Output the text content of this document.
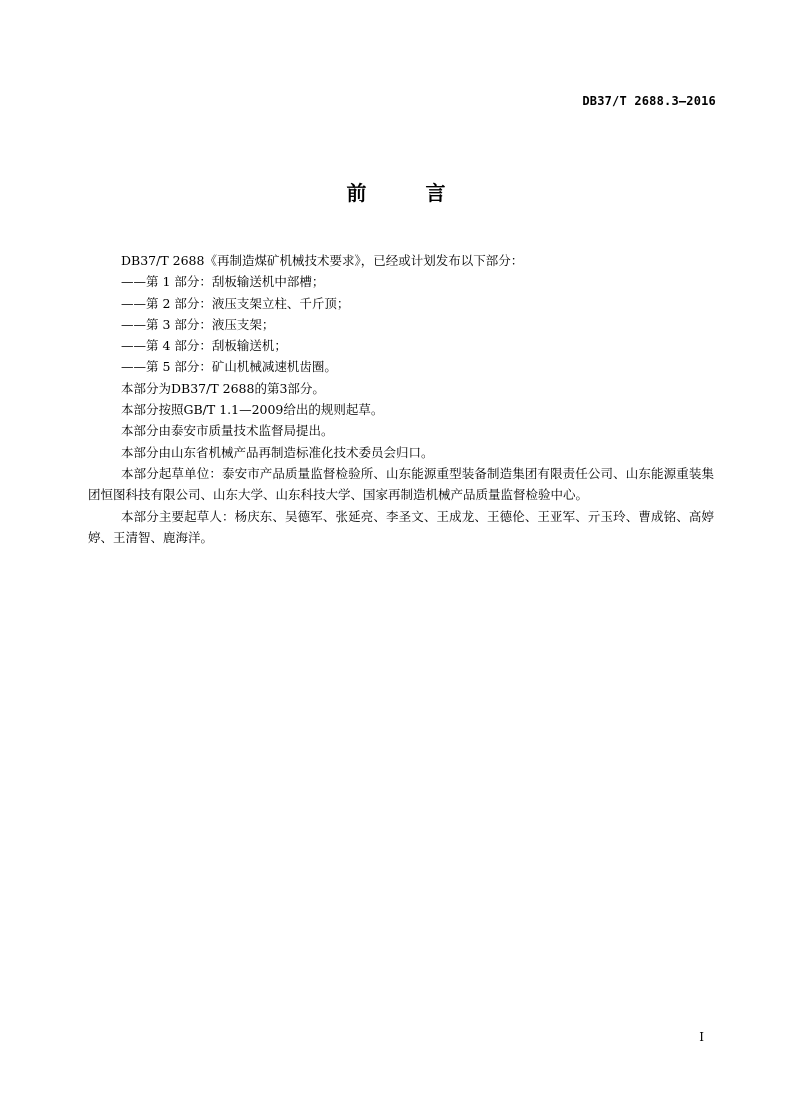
DB37/T 2688.3—2016
前 言

DB37/T 2688《再制造煤矿机械技术要求》，已经或计划发布以下部分：

——第 1 部分：刮板输送机中部槽；

——第 2 部分：液压支架立柱、千斤顶；

——第 3 部分：液压支架；

——第 4 部分：刮板输送机；

——第 5 部分：矿山机械减速机齿圈。

本部分为DB37/T 2688的第3部分。

本部分按照GB/T 1.1—2009给出的规则起草。

本部分由泰安市质量技术监督局提出。

本部分由山东省机械产品再制造标准化技术委员会归口。

本部分起草单位：泰安市产品质量监督检验所、山东能源重型装备制造集团有限责任公司、山东能源重装集团恒图科技有限公司、山东大学、山东科技大学、国家再制造机械产品质量监督检验中心。

本部分主要起草人：杨庆东、吴德军、张延亮、李圣文、王成龙、王德伦、王亚军、亓玉玲、曹成铭、高婷婷、王清智、鹿海洋。

I
